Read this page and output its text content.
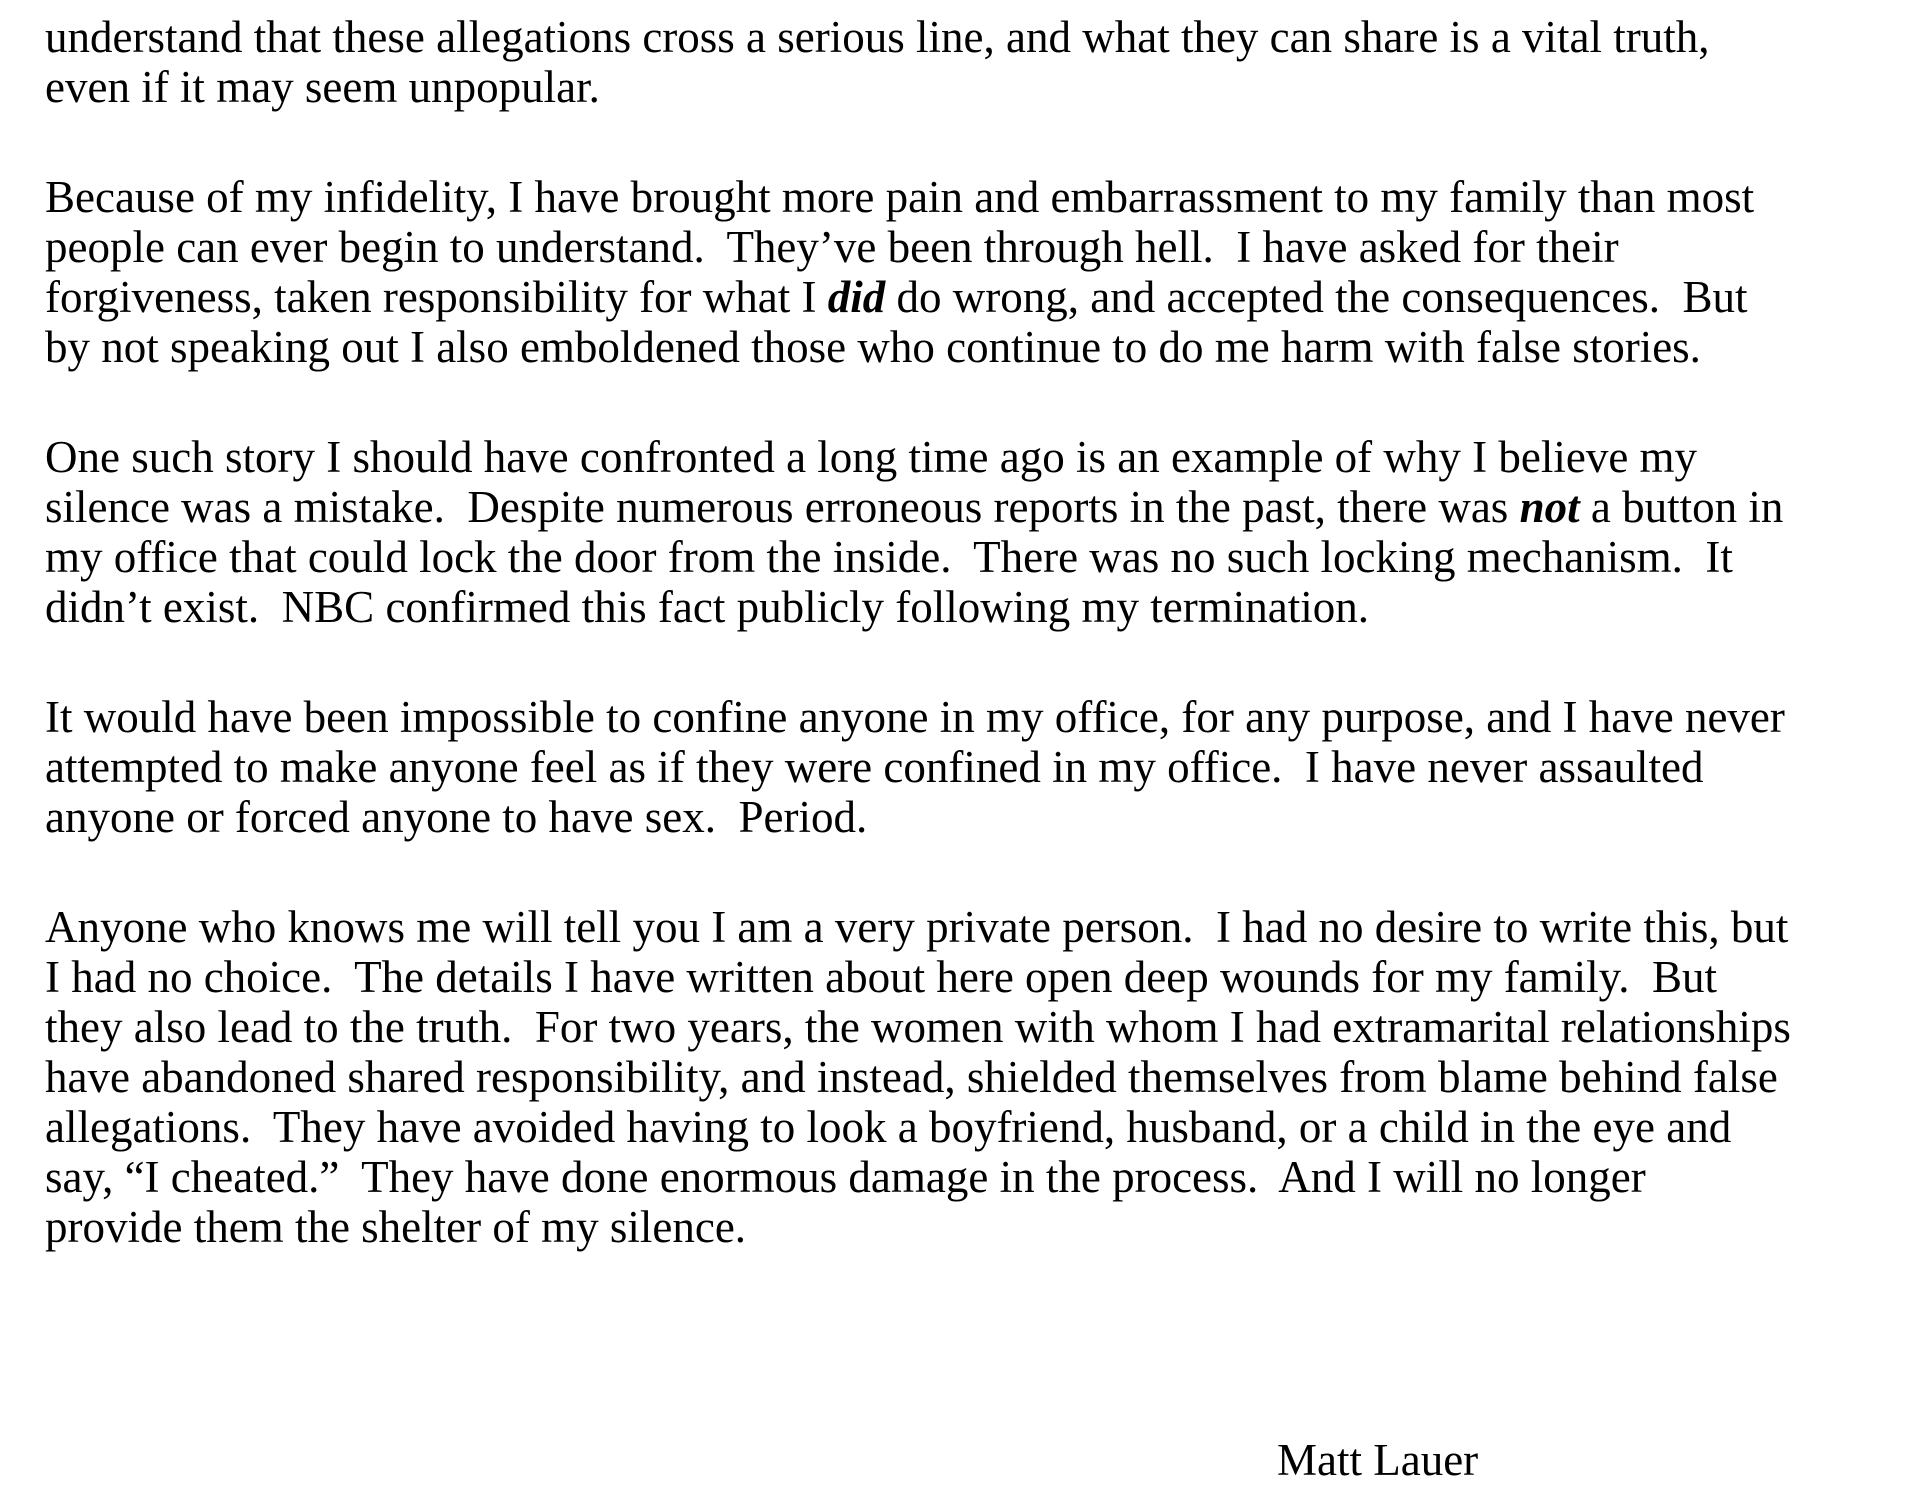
understand that these allegations cross a serious line, and what they can share is a vital truth,
even if it may seem unpopular.
Because of my infidelity, I have brought more pain and embarrassment to my family than most
people can ever begin to understand.  They’ve been through hell.  I have asked for their
forgiveness, taken responsibility for what I did do wrong, and accepted the consequences.  But
by not speaking out I also emboldened those who continue to do me harm with false stories.
One such story I should have confronted a long time ago is an example of why I believe my
silence was a mistake.  Despite numerous erroneous reports in the past, there was not a button in
my office that could lock the door from the inside.  There was no such locking mechanism.  It
didn’t exist.  NBC confirmed this fact publicly following my termination.
It would have been impossible to confine anyone in my office, for any purpose, and I have never
attempted to make anyone feel as if they were confined in my office.  I have never assaulted
anyone or forced anyone to have sex.  Period.
Anyone who knows me will tell you I am a very private person.  I had no desire to write this, but
I had no choice.  The details I have written about here open deep wounds for my family.  But
they also lead to the truth.  For two years, the women with whom I had extramarital relationships
have abandoned shared responsibility, and instead, shielded themselves from blame behind false
allegations.  They have avoided having to look a boyfriend, husband, or a child in the eye and
say, “I cheated.”  They have done enormous damage in the process.  And I will no longer
provide them the shelter of my silence.
Matt Lauer
